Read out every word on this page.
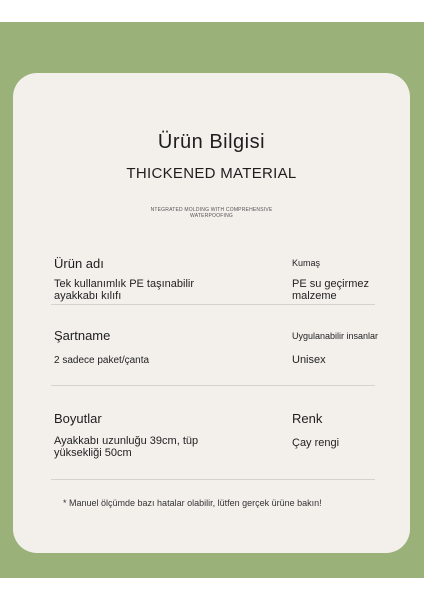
Ürün Bilgisi
THICKENED MATERIAL
NTEGRATED MOLDING WITH COMPREHENSIVE
WATERPOOFING
Ürün adı
Tek kullanımlık PE taşınabilir
ayakkabı kılıfı
Kumaş
PE su geçirmez
malzeme
Şartname
2 sadece paket/çanta
Uygulanabilir insanlar
Unisex
Boyutlar
Ayakkabı uzunluğu 39cm, tüp
yüksekliği 50cm
Renk
Çay rengi
* Manuel ölçümde bazı hatalar olabilir, lütfen gerçek ürüne bakın!
